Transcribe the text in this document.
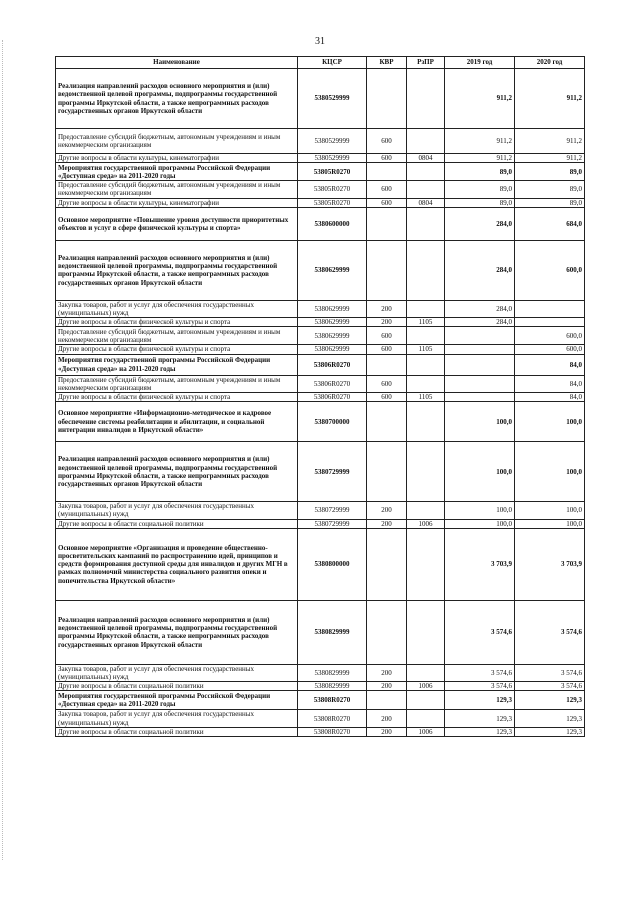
31
Наименование	КЦСР	КВР	РзПР	2019 год	2020 год
Реализация направлений расходов основного мероприятия и (или) ведомственной целевой программы, подпрограммы государственной программы Иркутской области, а также непрограммных расходов государственных органов Иркутской области	5380529999			911,2	911,2
Предоставление субсидий бюджетным, автономным учреждениям и иным некоммерческим организациям	5380529999	600		911,2	911,2
Другие вопросы в области культуры, кинематографии	5380529999	600	0804	911,2	911,2
Мероприятия государственной программы Российской Федерации «Доступная среда» на 2011-2020 годы	53805R0270			89,0	89,0
Предоставление субсидий бюджетным, автономным учреждениям и иным некоммерческим организациям	53805R0270	600		89,0	89,0
Другие вопросы в области культуры, кинематографии	53805R0270	600	0804	89,0	89,0
Основное мероприятие «Повышение уровня доступности приоритетных объектов и услуг в сфере физической культуры и спорта»	5380600000			284,0	684,0
Реализация направлений расходов основного мероприятия и (или) ведомственной целевой программы, подпрограммы государственной программы Иркутской области, а также непрограммных расходов государственных органов Иркутской области	5380629999			284,0	600,0
Закупка товаров, работ и услуг для обеспечения государственных (муниципальных) нужд	5380629999	200		284,0	
Другие вопросы в области физической культуры и спорта	5380629999	200	1105	284,0	
Предоставление субсидий бюджетным, автономным учреждениям и иным некоммерческим организациям	5380629999	600			600,0
Другие вопросы в области физической культуры и спорта	5380629999	600	1105		600,0
Мероприятия государственной программы Российской Федерации «Доступная среда» на 2011-2020 годы	53806R0270				84,0
Предоставление субсидий бюджетным, автономным учреждениям и иным некоммерческим организациям	53806R0270	600			84,0
Другие вопросы в области физической культуры и спорта	53806R0270	600	1105		84,0
Основное мероприятие «Информационно-методическое и кадровое обеспечение системы реабилитации и абилитации, и социальной интеграции инвалидов в Иркутской области»	5380700000			100,0	100,0
Реализация направлений расходов основного мероприятия и (или) ведомственной целевой программы, подпрограммы государственной программы Иркутской области, а также непрограммных расходов государственных органов Иркутской области	5380729999			100,0	100,0
Закупка товаров, работ и услуг для обеспечения государственных (муниципальных) нужд	5380729999	200		100,0	100,0
Другие вопросы в области социальной политики	5380729999	200	1006	100,0	100,0
Основное мероприятие «Организация и проведение общественно-просветительских кампаний по распространению идей, принципов и средств формирования доступной среды для инвалидов и других МГН в рамках полномочий министерства социального развития опеки и попечительства Иркутской области»	5380800000			3 703,9	3 703,9
Реализация направлений расходов основного мероприятия и (или) ведомственной целевой программы, подпрограммы государственной программы Иркутской области, а также непрограммных расходов государственных органов Иркутской области	5380829999			3 574,6	3 574,6
Закупка товаров, работ и услуг для обеспечения государственных (муниципальных) нужд	5380829999	200		3 574,6	3 574,6
Другие вопросы в области социальной политики	5380829999	200	1006	3 574,6	3 574,6
Мероприятия государственной программы Российской Федерации «Доступная среда» на 2011-2020 годы	53808R0270			129,3	129,3
Закупка товаров, работ и услуг для обеспечения государственных (муниципальных) нужд	53808R0270	200		129,3	129,3
Другие вопросы в области социальной политики	53808R0270	200	1006	129,3	129,3
